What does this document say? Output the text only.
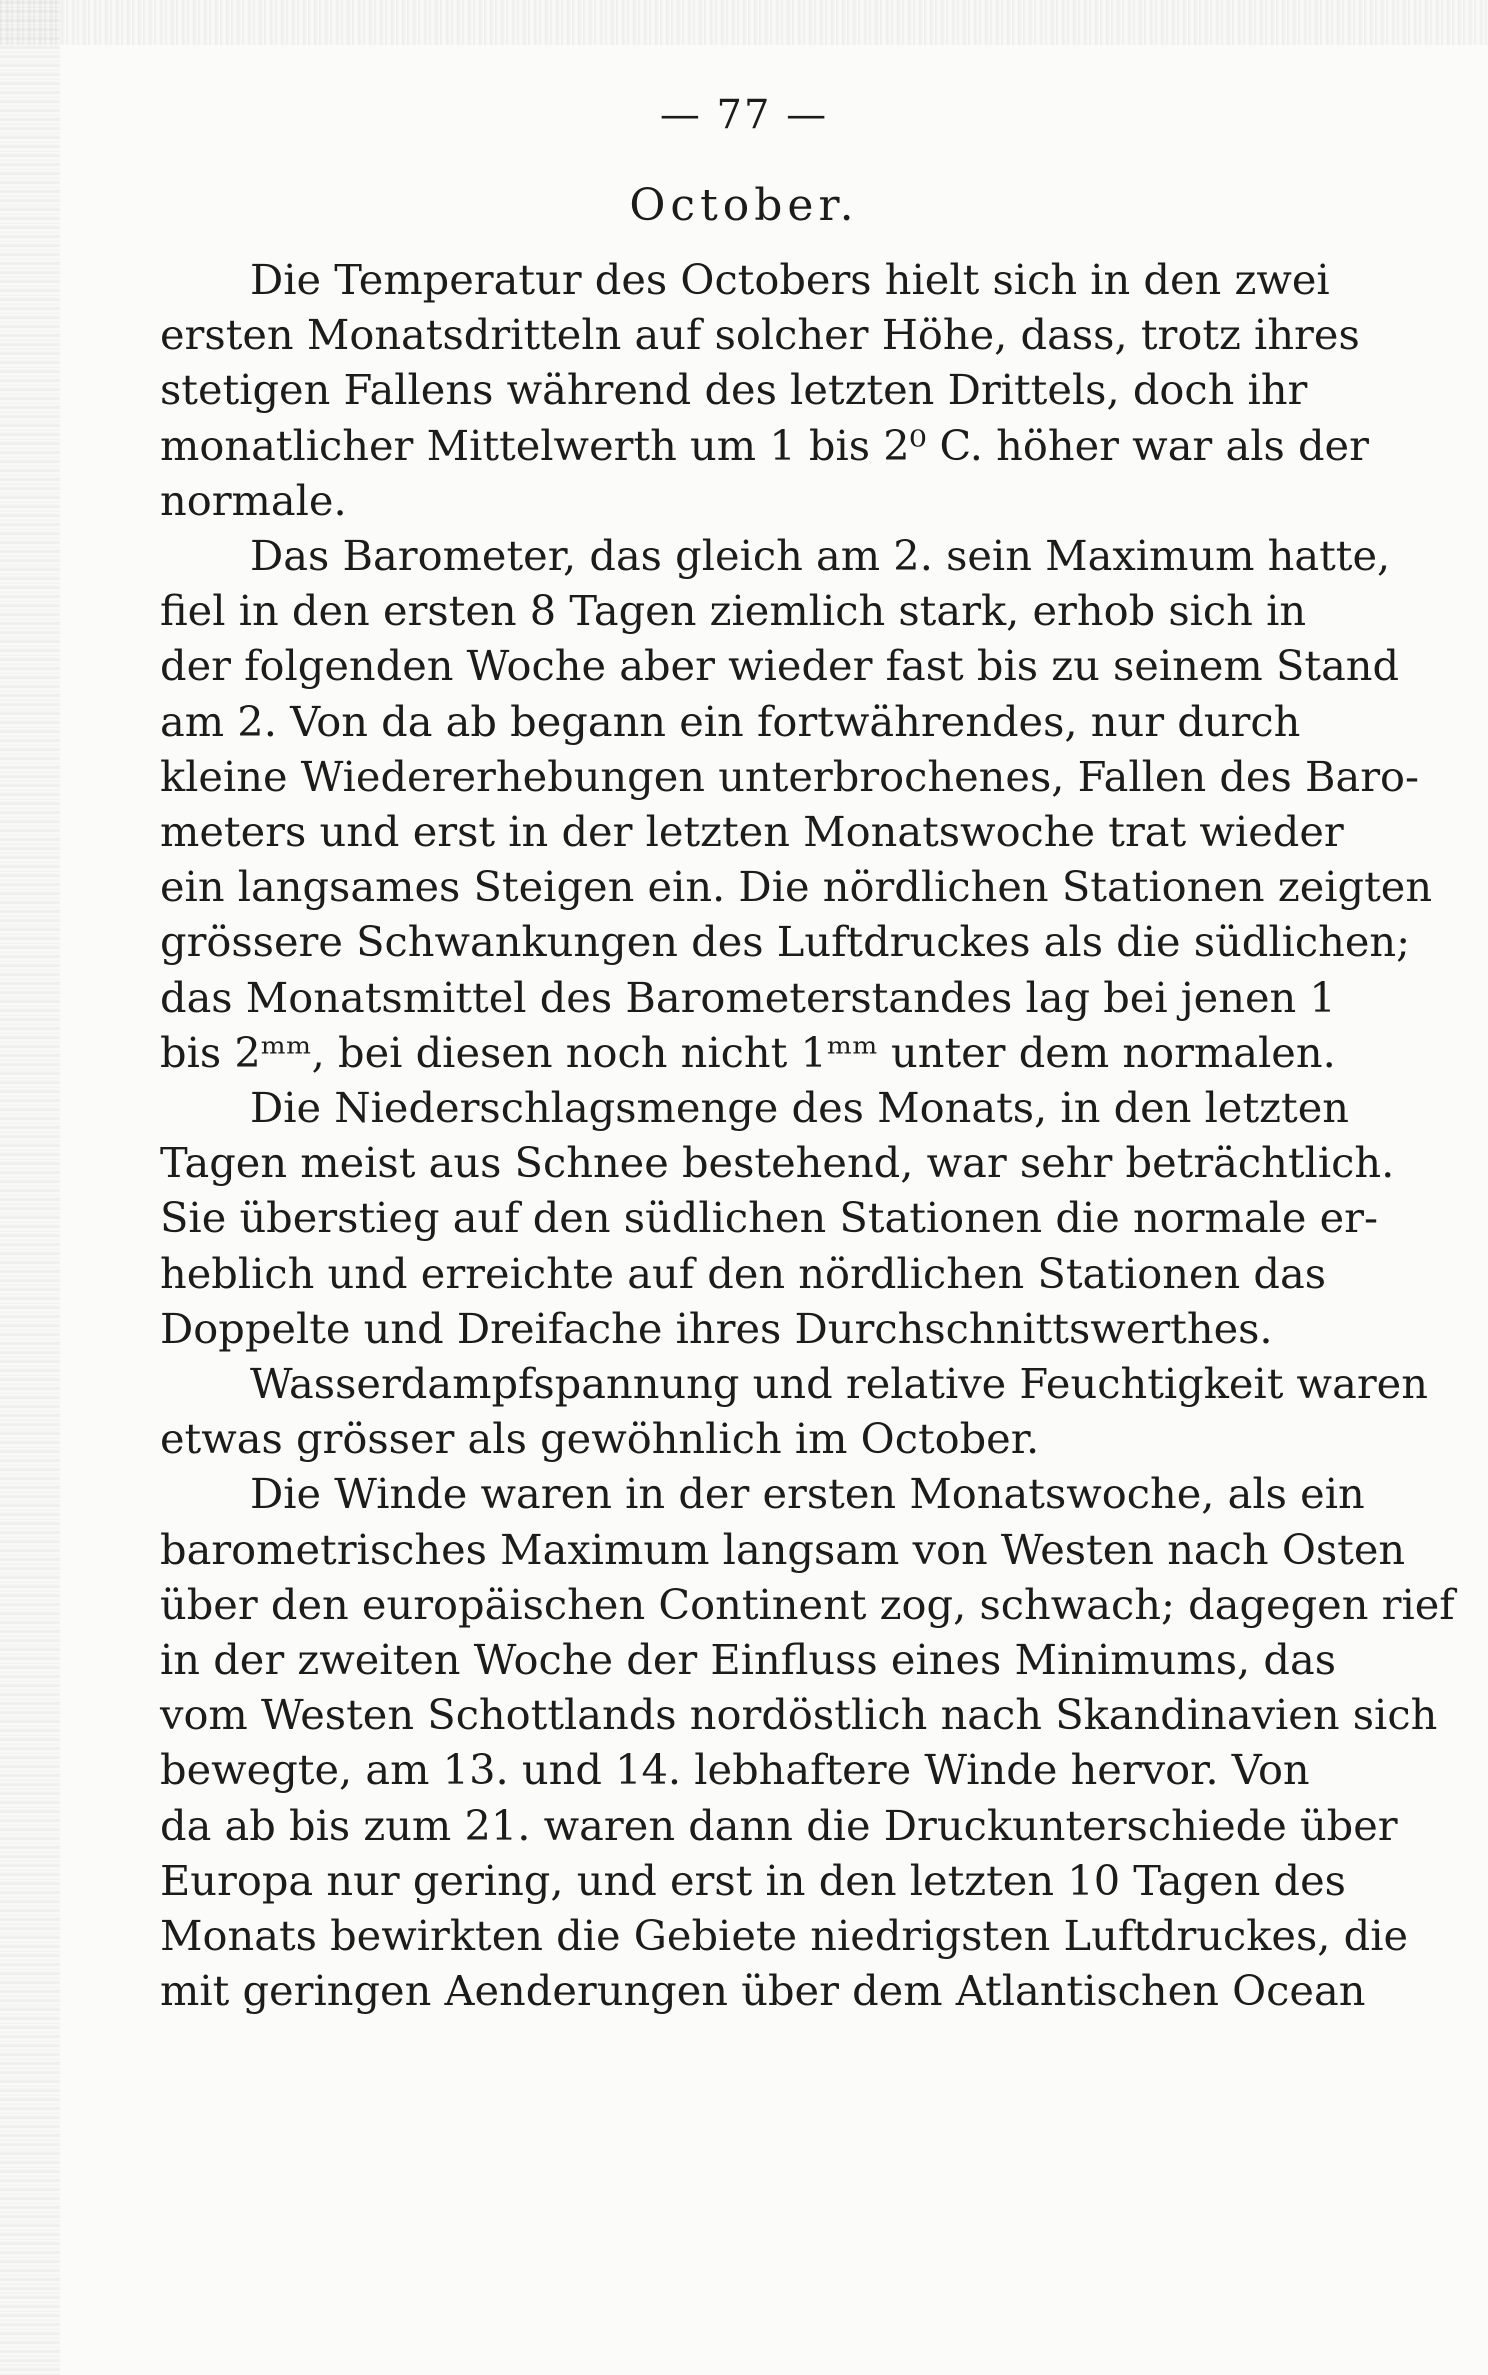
— 77 —
October.
Die Temperatur des Octobers hielt sich in den zwei
ersten Monatsdritteln auf solcher Höhe, dass, trotz ihres
stetigen Fallens während des letzten Drittels, doch ihr
monatlicher Mittelwerth um 1 bis 2⁰ C. höher war als der
normale.
Das Barometer, das gleich am 2. sein Maximum hatte,
fiel in den ersten 8 Tagen ziemlich stark, erhob sich in
der folgenden Woche aber wieder fast bis zu seinem Stand
am 2. Von da ab begann ein fortwährendes, nur durch
kleine Wiedererhebungen unterbrochenes, Fallen des Baro-
meters und erst in der letzten Monatswoche trat wieder
ein langsames Steigen ein. Die nördlichen Stationen zeigten
grössere Schwankungen des Luftdruckes als die südlichen;
das Monatsmittel des Barometerstandes lag bei jenen 1
bis 2ᵐᵐ, bei diesen noch nicht 1ᵐᵐ unter dem normalen.
Die Niederschlagsmenge des Monats, in den letzten
Tagen meist aus Schnee bestehend, war sehr beträchtlich.
Sie überstieg auf den südlichen Stationen die normale er-
heblich und erreichte auf den nördlichen Stationen das
Doppelte und Dreifache ihres Durchschnittswerthes.
Wasserdampfspannung und relative Feuchtigkeit waren
etwas grösser als gewöhnlich im October.
Die Winde waren in der ersten Monatswoche, als ein
barometrisches Maximum langsam von Westen nach Osten
über den europäischen Continent zog, schwach; dagegen rief
in der zweiten Woche der Einfluss eines Minimums, das
vom Westen Schottlands nordöstlich nach Skandinavien sich
bewegte, am 13. und 14. lebhaftere Winde hervor. Von
da ab bis zum 21. waren dann die Druckunterschiede über
Europa nur gering, und erst in den letzten 10 Tagen des
Monats bewirkten die Gebiete niedrigsten Luftdruckes, die
mit geringen Aenderungen über dem Atlantischen Ocean
